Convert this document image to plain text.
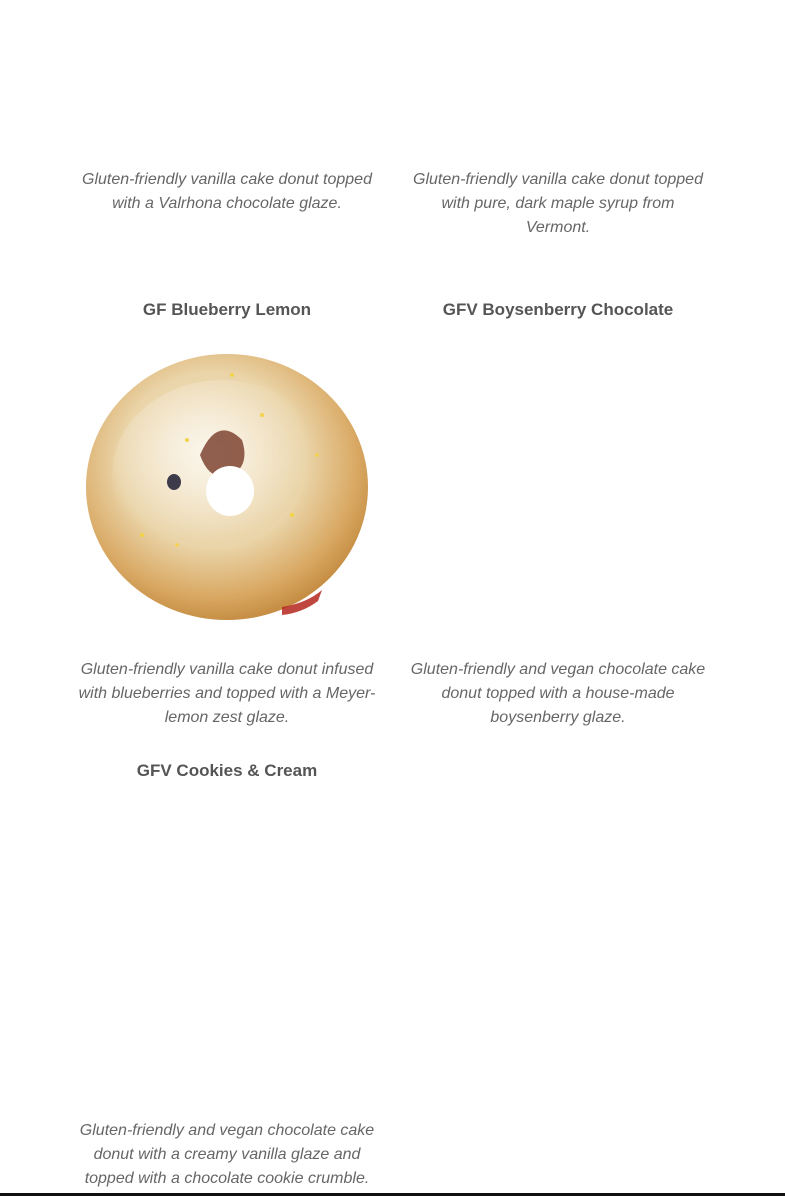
Gluten-friendly vanilla cake donut topped with a Valrhona chocolate glaze.

Gluten-friendly vanilla cake donut topped with pure, dark maple syrup from Vermont.

GF Blueberry Lemon	GFV Boysenberry Chocolate

Gluten-friendly vanilla cake donut infused with blueberries and topped with a Meyer-lemon zest glaze.

Gluten-friendly and vegan chocolate cake donut topped with a house-made boysenberry glaze.

GFV Cookies & Cream

Gluten-friendly and vegan chocolate cake donut with a creamy vanilla glaze and topped with a chocolate cookie crumble.
